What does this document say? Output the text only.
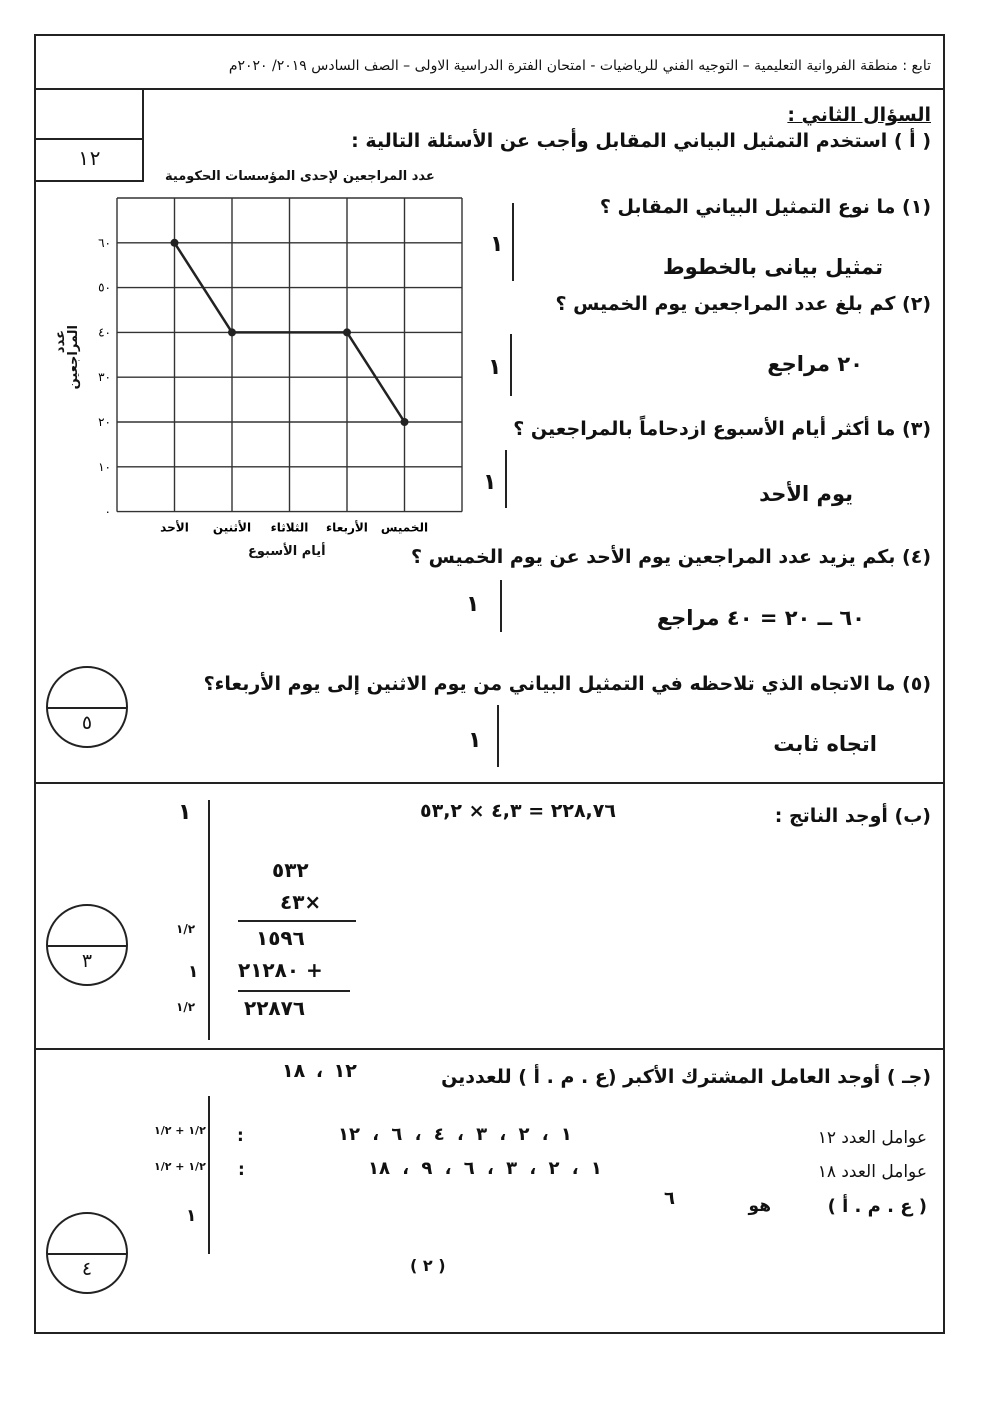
تابع : منطقة الفروانية التعليمية – التوجيه الفني للرياضيات - امتحان الفترة الدراسية الاولى – الصف السادس ٢٠١٩/ ٢٠٢٠م
١٢
السؤال الثاني :
( أ ) استخدم التمثيل البياني المقابل وأجب عن الأسئلة التالية :
عدد المراجعين لإحدى المؤسسات الحكومية
٠
١٠
٢٠
٣٠
٤٠
٥٠
٦٠
الأحد الأثنين الثلاثاء الأربعاء الخميس
عدد
المراجعين
أيام الأسبوع
(١) ما نوع التمثيل البياني المقابل ؟
تمثيل بيانى بالخطوط
١
(٢) كم بلغ عدد المراجعين يوم الخميس ؟
٢٠ مراجع
١
(٣) ما أكثر أيام الأسبوع ازدحاماً بالمراجعين ؟
يوم الأحد
١
(٤) بكم يزيد عدد المراجعين يوم الأحد عن يوم الخميس ؟
٦٠ ــ ٢٠ = ٤٠ مراجع
١
(٥) ما الاتجاه الذي تلاحظه في التمثيل البياني من يوم الاثنين إلى يوم الأربعاء؟
اتجاه ثابت
١
٥
(ب) أوجد الناتج :
٢٢٨,٧٦ = ٤,٣ × ٥٣,٢
١
٥٣٢
٤٣×
١٥٩٦
٢١٢٨٠ +
٢٢٨٧٦
١/٢
١
١/٢
٣
(جـ ) أوجد العامل المشترك الأكبر (ع . م . أ ) للعددين
١٢ ، ١٨
عوامل العدد ١٢
:	١ ، ٢ ، ٣ ، ٤ ، ٦ ، ١٢
عوامل العدد ١٨
:	١ ، ٢ ، ٣ ، ٦ ، ٩ ، ١٨
( ع . م . أ )
هو
٦
١/٢ + ١/٢
١/٢ + ١/٢
١
٤	( ٢ )
